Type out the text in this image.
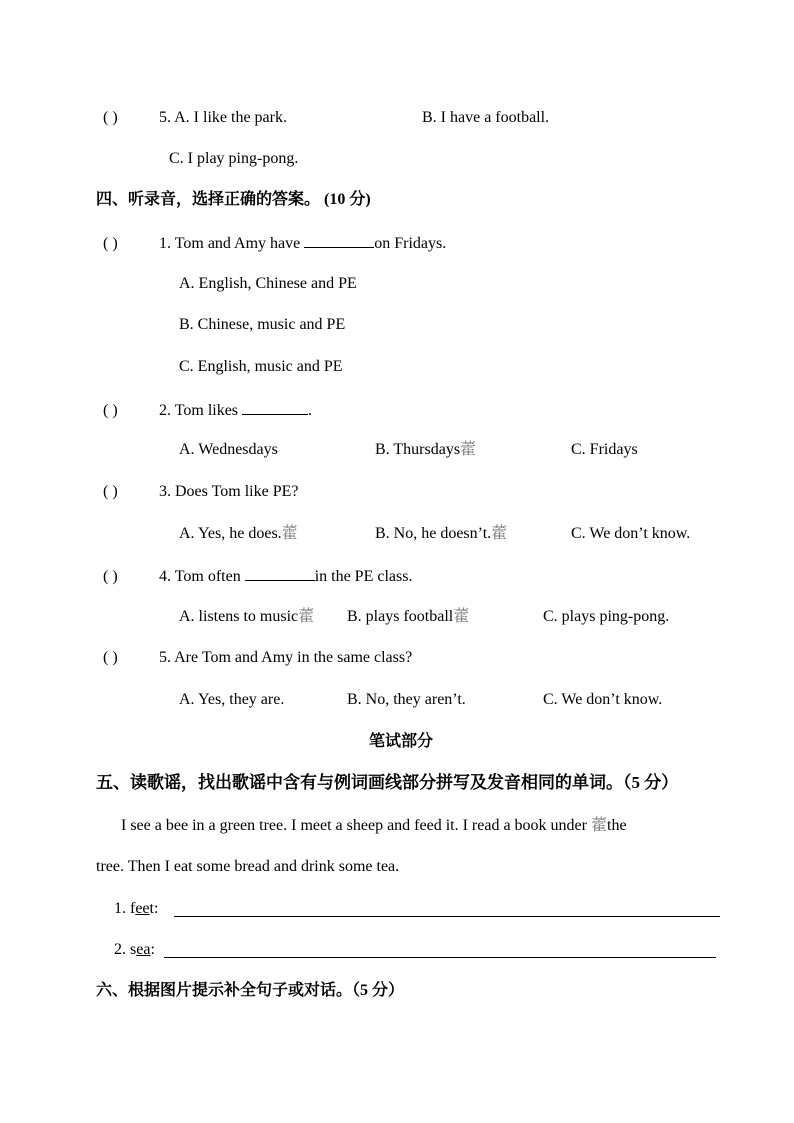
( )	5. A. I like the park.	B. I have a football.
C. I play ping-pong.
四、听录音，选择正确的答案。 (10 分)
( )	1. Tom and Amy have	on Fridays.
A. English, Chinese and PE
B. Chinese, music and PE
C. English, music and PE
( )	2. Tom likes	.
A. Wednesdays	B. Thursdays藿	C. Fridays
( )	3. Does Tom like PE?
A. Yes, he does.藿	B. No, he doesn’t.藿	C. We don’t know.
( )	4. Tom often	in the PE class.
A. listens to music藿 B. plays football藿	C. plays ping-pong.
( )	5. Are Tom and Amy in the same class?
A. Yes, they are.	B. No, they aren’t.	C. We don’t know.
笔试部分
五、读歌谣，找出歌谣中含有与例词画线部分拼写及发音相同的单词。（5 分）
I see a bee in a green tree. I meet a sheep and feed it. I read a book under 藿the
tree. Then I eat some bread and drink some tea.
1. feet:
2. sea:
六、根据图片提示补全句子或对话。（5 分）
